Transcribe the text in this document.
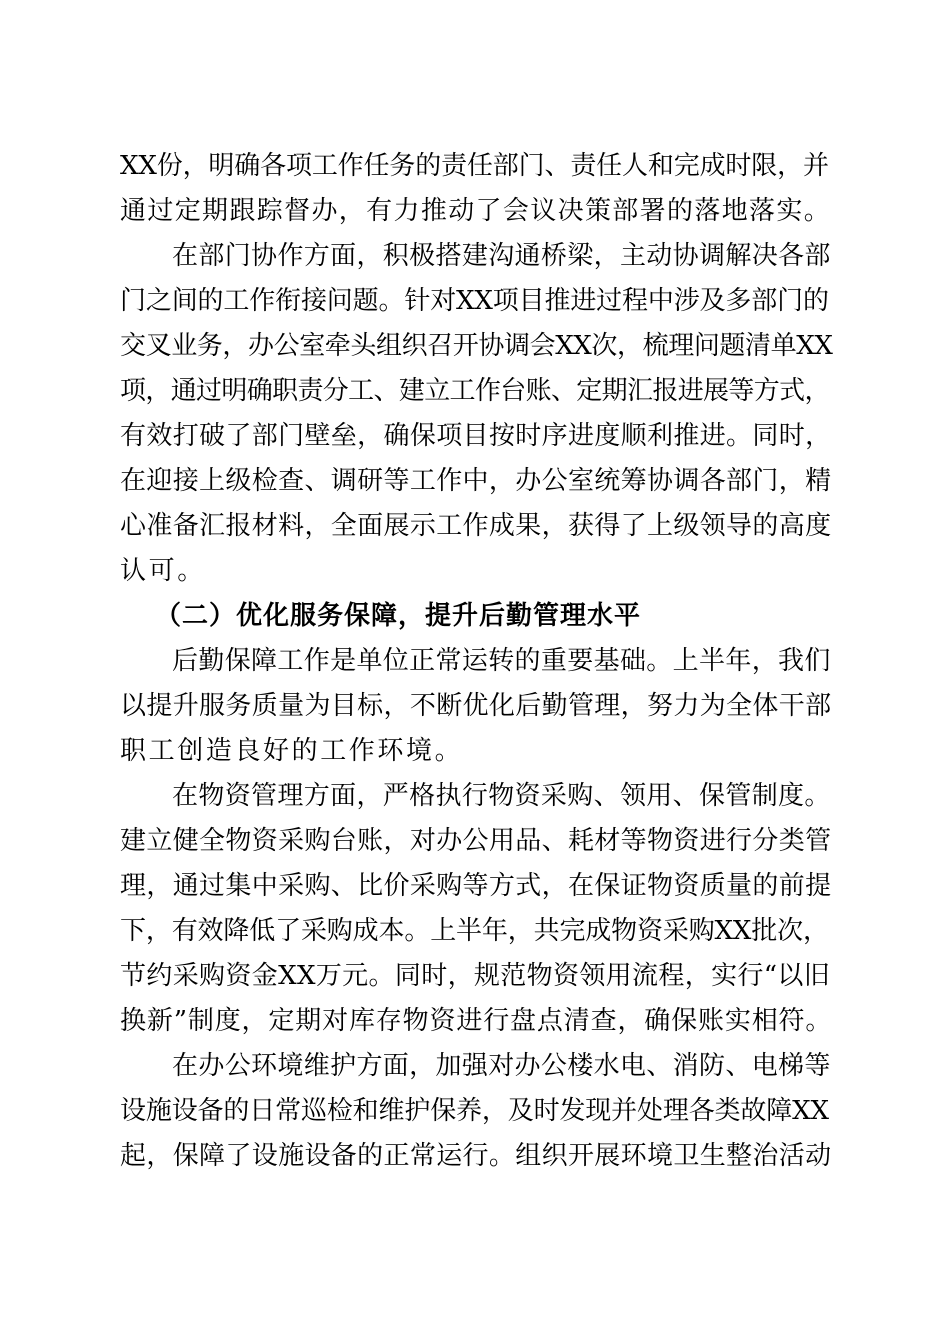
XX份，明确各项工作任务的责任部门、责任人和完成时限，并
通过定期跟踪督办，有力推动了会议决策部署的落地落实。
在部门协作方面，积极搭建沟通桥梁，主动协调解决各部
门之间的工作衔接问题。针对XX项目推进过程中涉及多部门的
交叉业务，办公室牵头组织召开协调会XX次，梳理问题清单XX
项，通过明确职责分工、建立工作台账、定期汇报进展等方式，
有效打破了部门壁垒，确保项目按时序进度顺利推进。同时，
在迎接上级检查、调研等工作中，办公室统筹协调各部门，精
心准备汇报材料，全面展示工作成果，获得了上级领导的高度
认可。
（二）优化服务保障，提升后勤管理水平
后勤保障工作是单位正常运转的重要基础。上半年，我们
以提升服务质量为目标，不断优化后勤管理，努力为全体干部
职工创造良好的工作环境。
在物资管理方面，严格执行物资采购、领用、保管制度。
建立健全物资采购台账，对办公用品、耗材等物资进行分类管
理，通过集中采购、比价采购等方式，在保证物资质量的前提
下，有效降低了采购成本。上半年，共完成物资采购XX批次，
节约采购资金XX万元。同时，规范物资领用流程，实行“以旧
换新”制度，定期对库存物资进行盘点清查，确保账实相符。
在办公环境维护方面，加强对办公楼水电、消防、电梯等
设施设备的日常巡检和维护保养，及时发现并处理各类故障XX
起，保障了设施设备的正常运行。组织开展环境卫生整治活动
